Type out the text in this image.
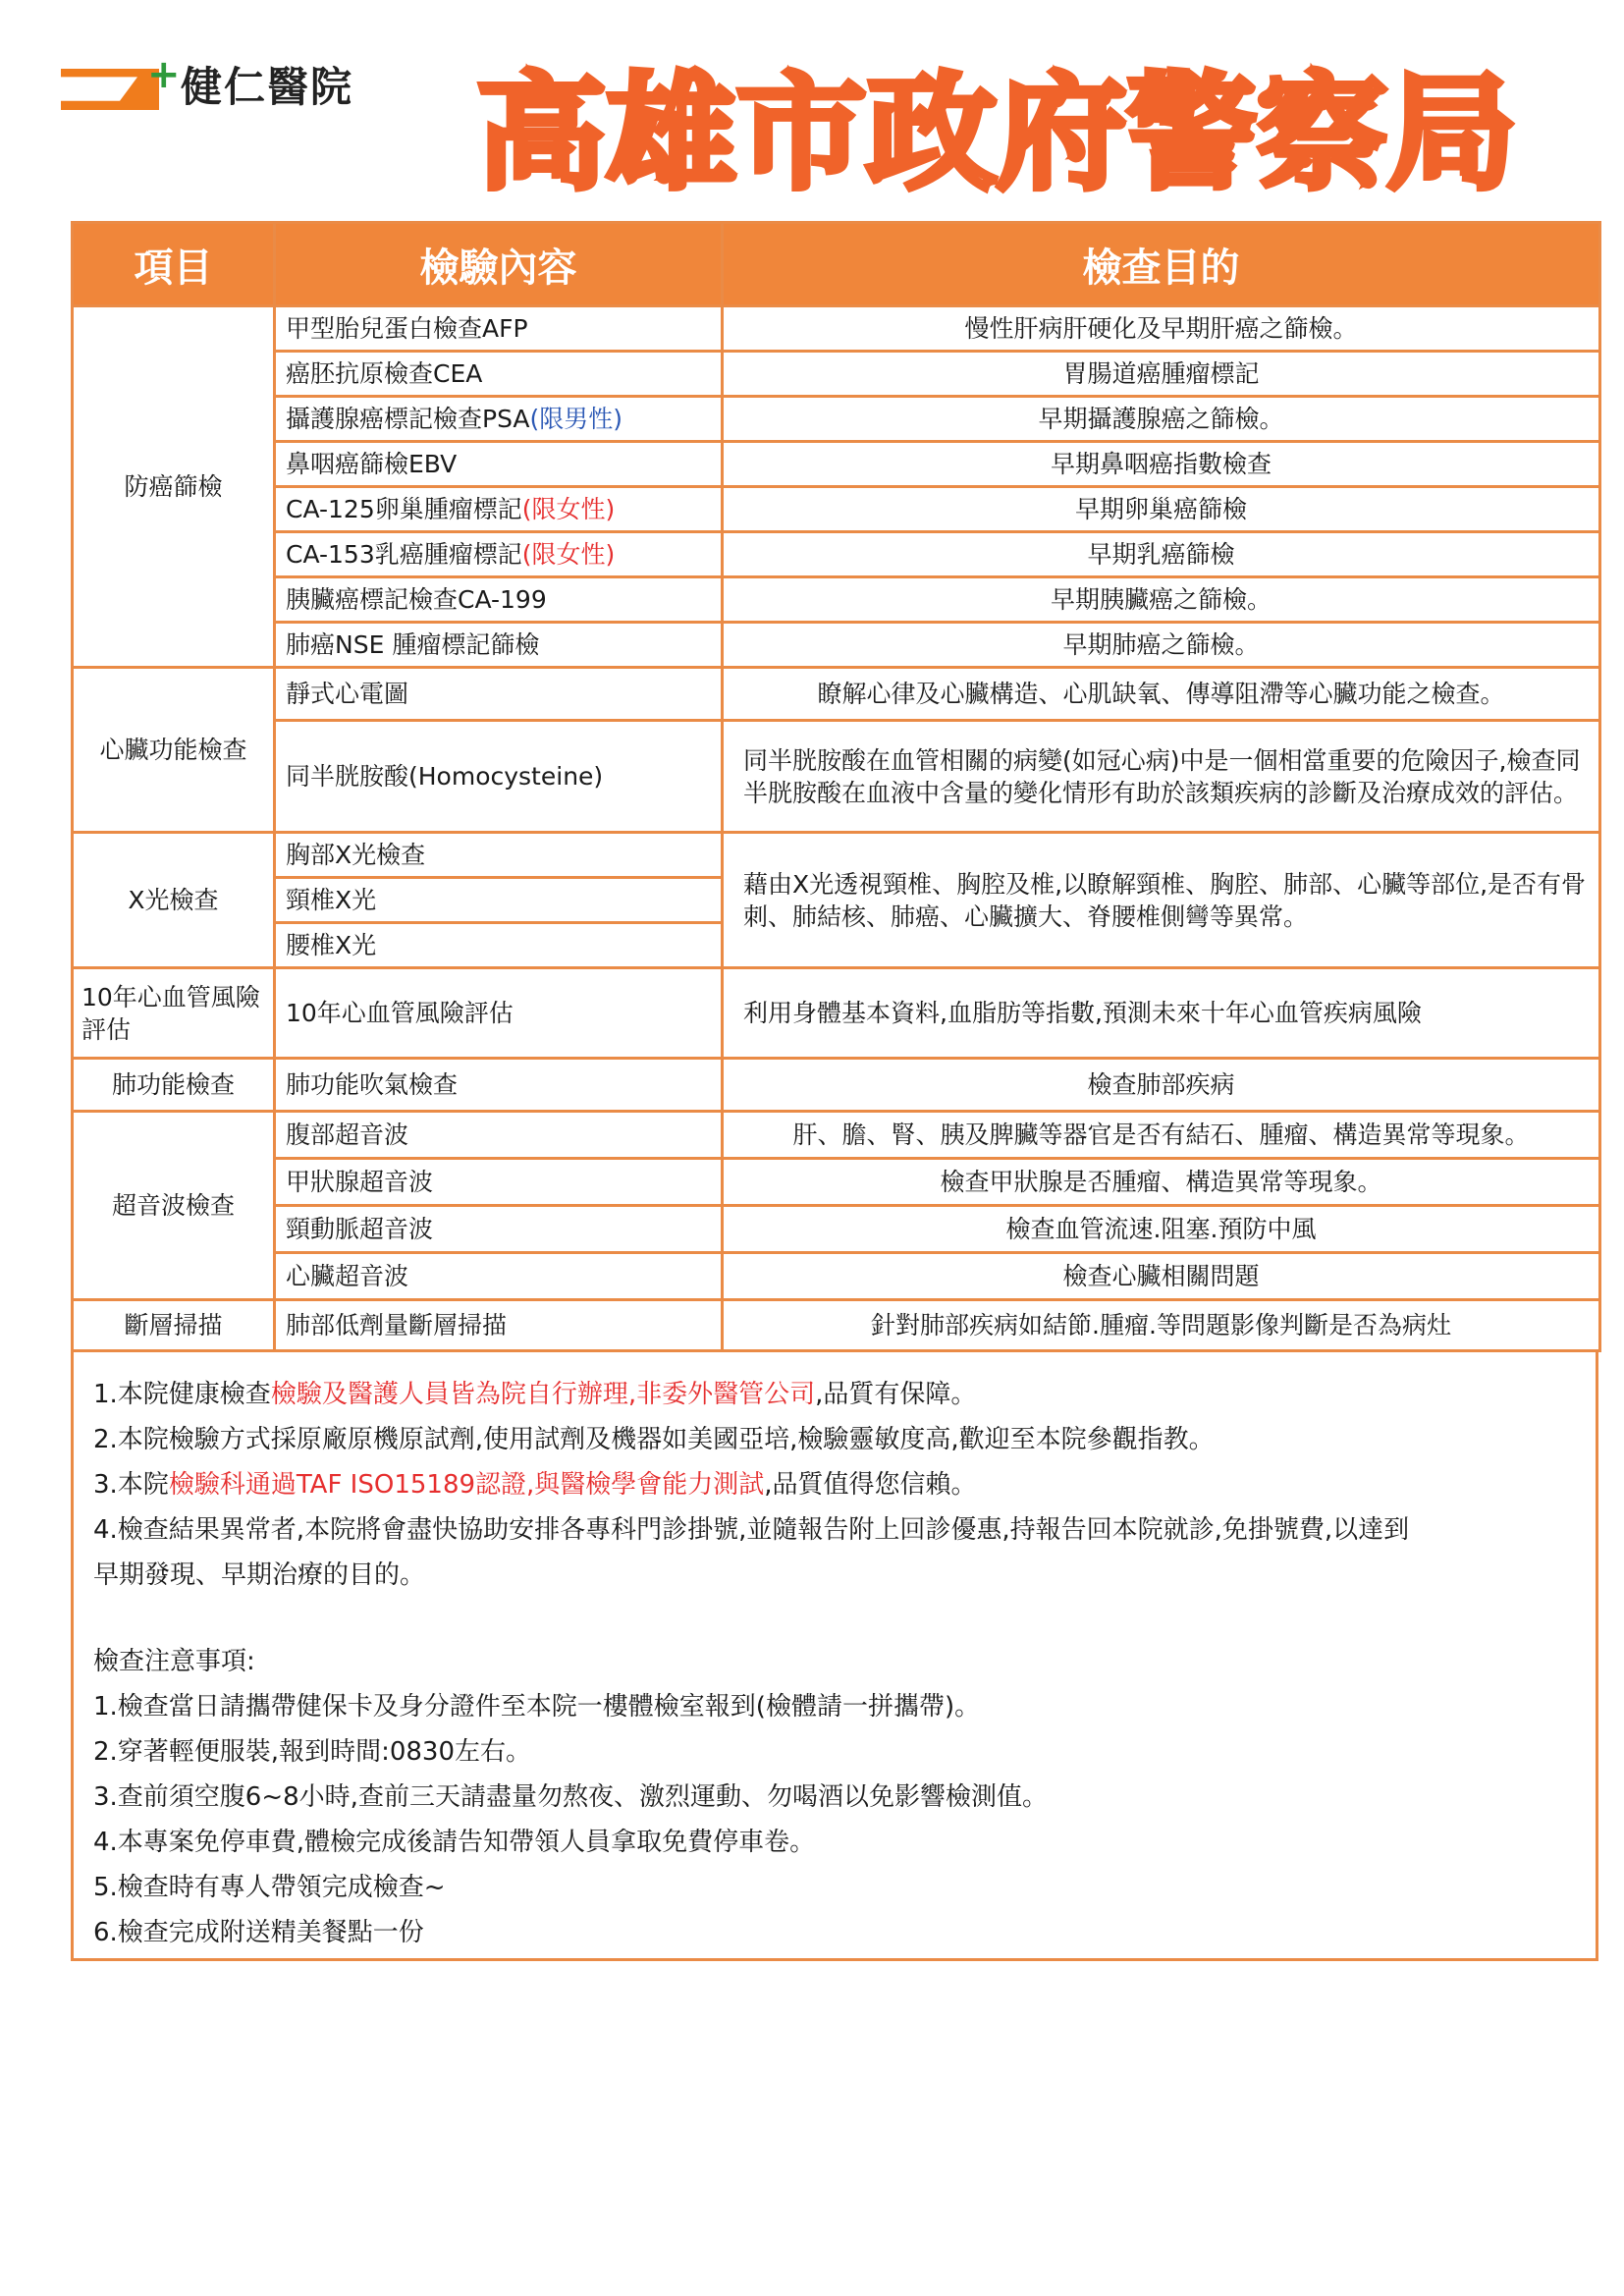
+ 健仁醫院 高雄市政府警察局
項目	檢驗內容	檢查目的
防癌篩檢	甲型胎兒蛋白檢查AFP	慢性肝病肝硬化及早期肝癌之篩檢。
	癌胚抗原檢查CEA	胃腸道癌腫瘤標記
	攝護腺癌標記檢查PSA(限男性)	早期攝護腺癌之篩檢。
	鼻咽癌篩檢EBV	早期鼻咽癌指數檢查
	CA-125卵巢腫瘤標記(限女性)	早期卵巢癌篩檢
	CA-153乳癌腫瘤標記(限女性)	早期乳癌篩檢
	胰臟癌標記檢查CA-199	早期胰臟癌之篩檢。
	肺癌NSE 腫瘤標記篩檢	早期肺癌之篩檢。
心臟功能檢查	靜式心電圖	瞭解心律及心臟構造、心肌缺氧、傳導阻滯等心臟功能之檢查。
	同半胱胺酸(Homocysteine)	同半胱胺酸在血管相關的病變(如冠心病)中是一個相當重要的危險因子,檢查同半胱胺酸在血液中含量的變化情形有助於該類疾病的診斷及治療成效的評估。
X光檢查	胸部X光檢查	藉由X光透視頸椎、胸腔及椎,以瞭解頸椎、胸腔、肺部、心臟等部位,是否有骨刺、肺結核、肺癌、心臟擴大、脊腰椎側彎等異常。
	頸椎X光	
	腰椎X光	
10年心血管風險評估	10年心血管風險評估	利用身體基本資料,血脂肪等指數,預測未來十年心血管疾病風險
肺功能檢查	肺功能吹氣檢查	檢查肺部疾病
超音波檢查	腹部超音波	肝、膽、腎、胰及脾臟等器官是否有結石、腫瘤、構造異常等現象。
	甲狀腺超音波	檢查甲狀腺是否腫瘤、構造異常等現象。
	頸動脈超音波	檢查血管流速.阻塞.預防中風
	心臟超音波	檢查心臟相關問題
斷層掃描	肺部低劑量斷層掃描	針對肺部疾病如結節.腫瘤.等問題影像判斷是否為病灶
1.本院健康檢查檢驗及醫護人員皆為院自行辦理,非委外醫管公司,品質有保障。
2.本院檢驗方式採原廠原機原試劑,使用試劑及機器如美國亞培,檢驗靈敏度高,歡迎至本院參觀指教。
3.本院檢驗科通過TAF ISO15189認證,與醫檢學會能力測試,品質值得您信賴。
4.檢查結果異常者,本院將會盡快協助安排各專科門診掛號,並隨報告附上回診優惠,持報告回本院就診,免掛號費,以達到
早期發現、早期治療的目的。
檢查注意事項:
1.檢查當日請攜帶健保卡及身分證件至本院一樓體檢室報到(檢體請一拼攜帶)。
2.穿著輕便服裝,報到時間:0830左右。
3.查前須空腹6~8小時,查前三天請盡量勿熬夜、激烈運動、勿喝酒以免影響檢測值。
4.本專案免停車費,體檢完成後請告知帶領人員拿取免費停車卷。
5.檢查時有專人帶領完成檢查~
6.檢查完成附送精美餐點一份
